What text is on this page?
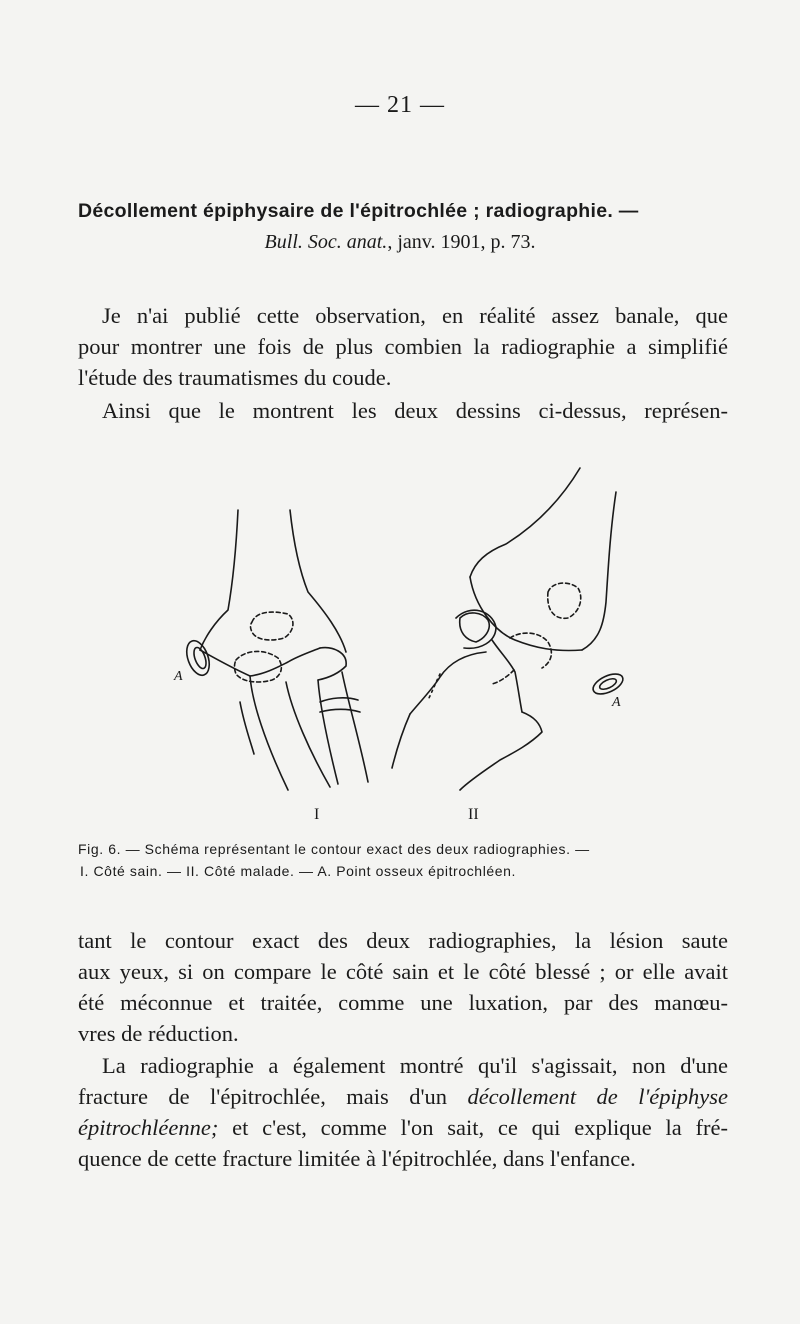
— 21 —
Décollement épiphysaire de l'épitrochlée ; radiographie. —
Bull. Soc. anat., janv. 1901, p. 73.
Je n'ai publié cette observation, en réalité assez banale, que
pour montrer une fois de plus combien la radiographie a simplifié
l'étude des traumatismes du coude.
Ainsi que le montrent les deux dessins ci-dessus, représen-
A
A
I	II
Fig. 6. — Schéma représentant le contour exact des deux radiographies. —
I. Côté sain. — II. Côté malade. — A. Point osseux épitrochléen.
tant le contour exact des deux radiographies, la lésion saute
aux yeux, si on compare le côté sain et le côté blessé ; or elle avait
été méconnue et traitée, comme une luxation, par des manœu-
vres de réduction.
La radiographie a également montré qu'il s'agissait, non d'une
fracture de l'épitrochlée, mais d'un décollement de l'épiphyse
épitrochléenne; et c'est, comme l'on sait, ce qui explique la fré-
quence de cette fracture limitée à l'épitrochlée, dans l'enfance.
